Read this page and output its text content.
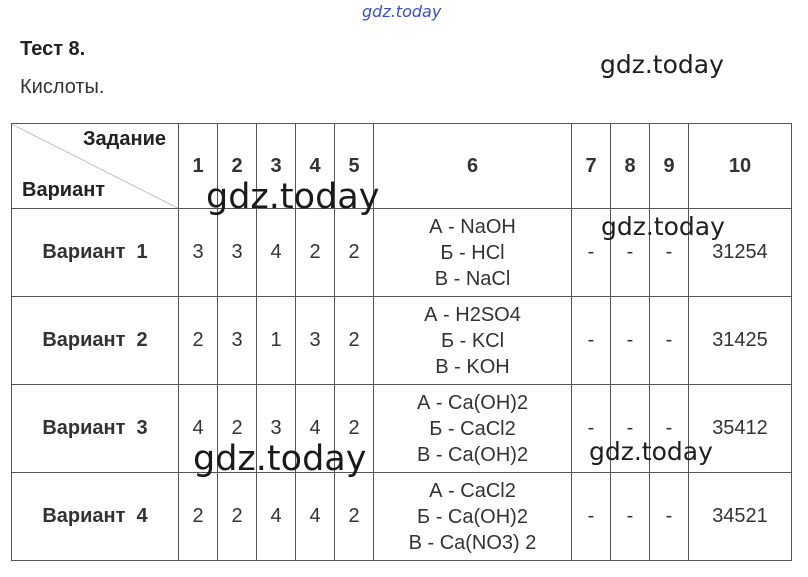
gdz.today
gdz.today
Тест 8.
Кислоты.
Задание
Вариант	1	2	3	4	5	6	7	8	9	10
Вариант  1	3	3	4	2	2	А - NaOH
Б - HCl
В - NaCl	-	-	-	31254
Вариант  2	2	3	1	3	2	А - H2SO4
Б - KCl
В - KOH	-	-	-	31425
Вариант  3	4	2	3	4	2	А - Ca(OH)2
Б - CaCl2
В - Ca(OH)2	-	-	-	35412
Вариант  4	2	2	4	4	2	А - CaCl2
Б - Ca(OH)2
В - Ca(NO3) 2	-	-	-	34521
gdz.today
gdz.today
gdz.today	gdz.today
